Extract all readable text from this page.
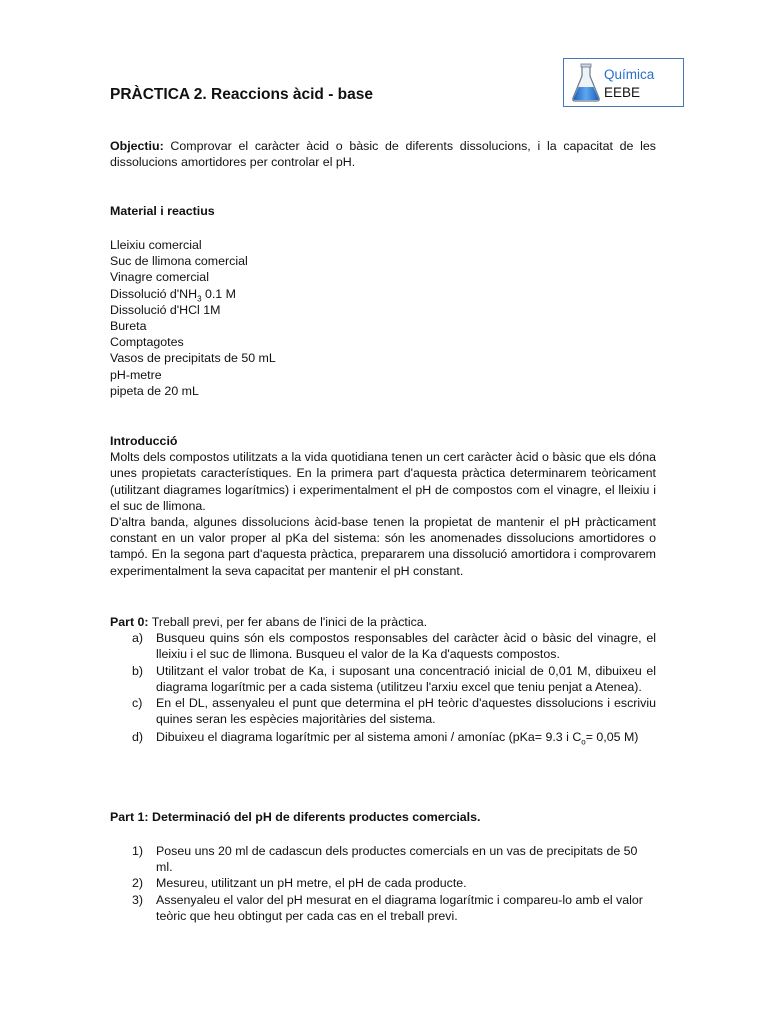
Química
EEBE
PRÀCTICA 2. Reaccions àcid - base
Objectiu: Comprovar el caràcter àcid o bàsic de diferents dissolucions, i la capacitat de les dissolucions amortidores per controlar el pH.
Material i reactius
Lleixiu comercial
Suc de llimona comercial
Vinagre comercial
Dissolució $d'NH_3$ 0.1 M
Dissolució d'HCl 1M
Bureta
Comptagotes
Vasos de precipitats de 50 mL
pH-metre
pipeta de 20 mL
Introducció
Molts dels compostos utilitzats a la vida quotidiana tenen un cert caràcter àcid o bàsic que els dóna unes propietats característiques. En la primera part d'aquesta pràctica determinarem teòricament (utilitzant diagrames logarítmics) i experimentalment el pH de compostos com el vinagre, el lleixiu i el suc de llimona.
D'altra banda, algunes dissolucions àcid-base tenen la propietat de mantenir el pH pràcticament constant en un valor proper al pKa del sistema: són les anomenades dissolucions amortidores o tampó. En la segona part d'aquesta pràctica, prepararem una dissolució amortidora i comprovarem experimentalment la seva capacitat per mantenir el pH constant.
Part 0: Treball previ, per fer abans de l'inici de la pràctica.
a)	Busqueu quins són els compostos responsables del caràcter àcid o bàsic del vinagre, el lleixiu i el suc de llimona. Busqueu el valor de la Ka d'aquests compostos.
b)	Utilitzant el valor trobat de Ka, i suposant una concentració inicial de 0,01 M, dibuixeu el diagrama logarítmic per a cada sistema (utilitzeu l'arxiu excel que teniu penjat a Atenea).
c)	En el DL, assenyaleu el punt que determina el pH teòric d'aquestes dissolucions i escriviu quines seran les espècies majoritàries del sistema.
d)	Dibuixeu el diagrama logarítmic per al sistema amoni / amoníac (pKa= 9.3 i $C_o= 0,05$ M)
Part 1: Determinació del pH de diferents productes comercials.
1)	Poseu uns 20 ml de cadascun dels productes comercials en un vas de precipitats de 50 ml.
2)	Mesureu, utilitzant un pH metre, el pH de cada producte.
3)	Assenyaleu el valor del pH mesurat en el diagrama logarítmic i compareu-lo amb el valor teòric que heu obtingut per cada cas en el treball previ.
